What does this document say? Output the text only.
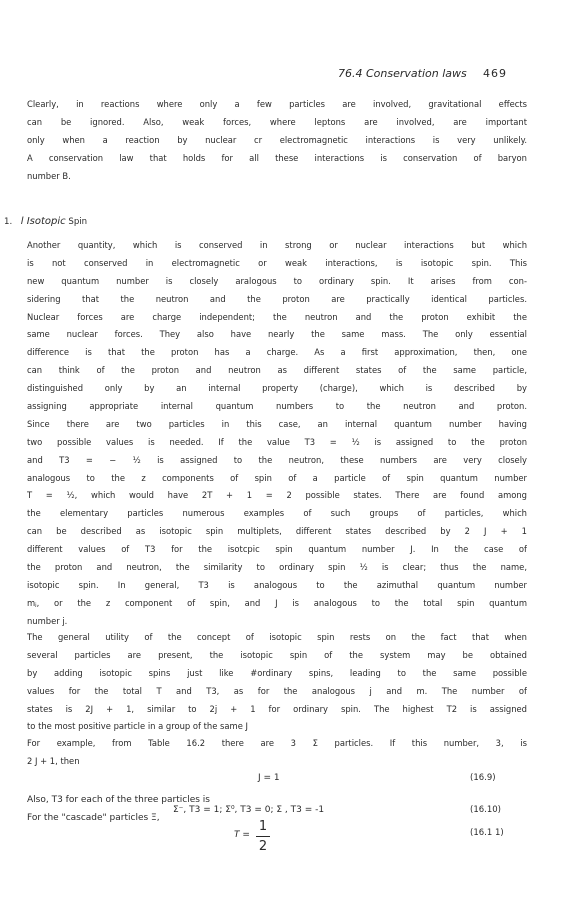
76.4 Conservation laws 469
Clearly, in reactions where only a few particles are involved, gravitational effects
can be ignored. Also, weak forces, where leptons are involved, are important
only when a reaction by nuclear cr electromagnetic interactions is very unlikely.
A conservation law that holds for all these interactions is conservation of baryon
number B.
1. l Isotopic Spin
Another quantity, which is conserved in strong or nuclear interactions but which
is not conserved in electromagnetic or weak interactions, is isotopic spin. This
new quantum number is closely aralogous to ordinary spin. It arises from con-
sidering that the neutron and the proton are practically identical particles.
Nuclear forces are charge independent; the neutron and the proton exhibit the
same nuclear forces. They also have nearly the same mass. The only essential
difference is that the proton has a charge. As a first approximation, then, one
can think of the proton and neutron as different states of the same particle,
distinguished only by an internal property (charge), which is described by
assigning appropriate internal quantum numbers to the neutron and proton.
Since there are two particles in this case, an internal quantum number having
two possible values is needed. If the value T3 = ½ is assigned to the proton
and T3 = − ½ is assigned to the neutron, these numbers are very closely
analogous to the z components of spin of a particle of spin quantum number
T = ½, which would have 2T + 1 = 2 possible states. There are found among
the elementary particles numerous examples of such groups of particles, which
can be described as isotopic spin multiplets, different states described by 2 J + 1
different values of T3 for the isotcpic spin quantum number J. In the case of
the proton and neutron, the similarity to ordinary spin ½ is clear; thus the name,
isotopic spin. In general, T3 is analogous to the azimuthal quantum number
mⱼ, or the z component of spin, and J is analogous to the total spin quantum
number j.
The general utility of the concept of isotopic spin rests on the fact that when
several particles are present, the isotopic spin of the system may be obtained
by adding isotopic spins just like #ordinary spins, leading to the same possible
values for the total T and T3, as for the analogous j and m. The number of
states is 2J + 1, similar to 2j + 1 for ordinary spin. The highest T2 is assigned
to the most positive particle in a group of the same J
For example, from Table 16.2 there are 3 Σ particles. If this number, 3, is
2 J + 1, then
J = 1	(16.9)
Also, T3 for each of the three particles is
Σ⁻, T3 = 1; Σ⁰, T3 = 0; Σ , T3 = -1	(16.10)
For the "cascade" particles Ξ,
T =
1
2
(16.1 1)
